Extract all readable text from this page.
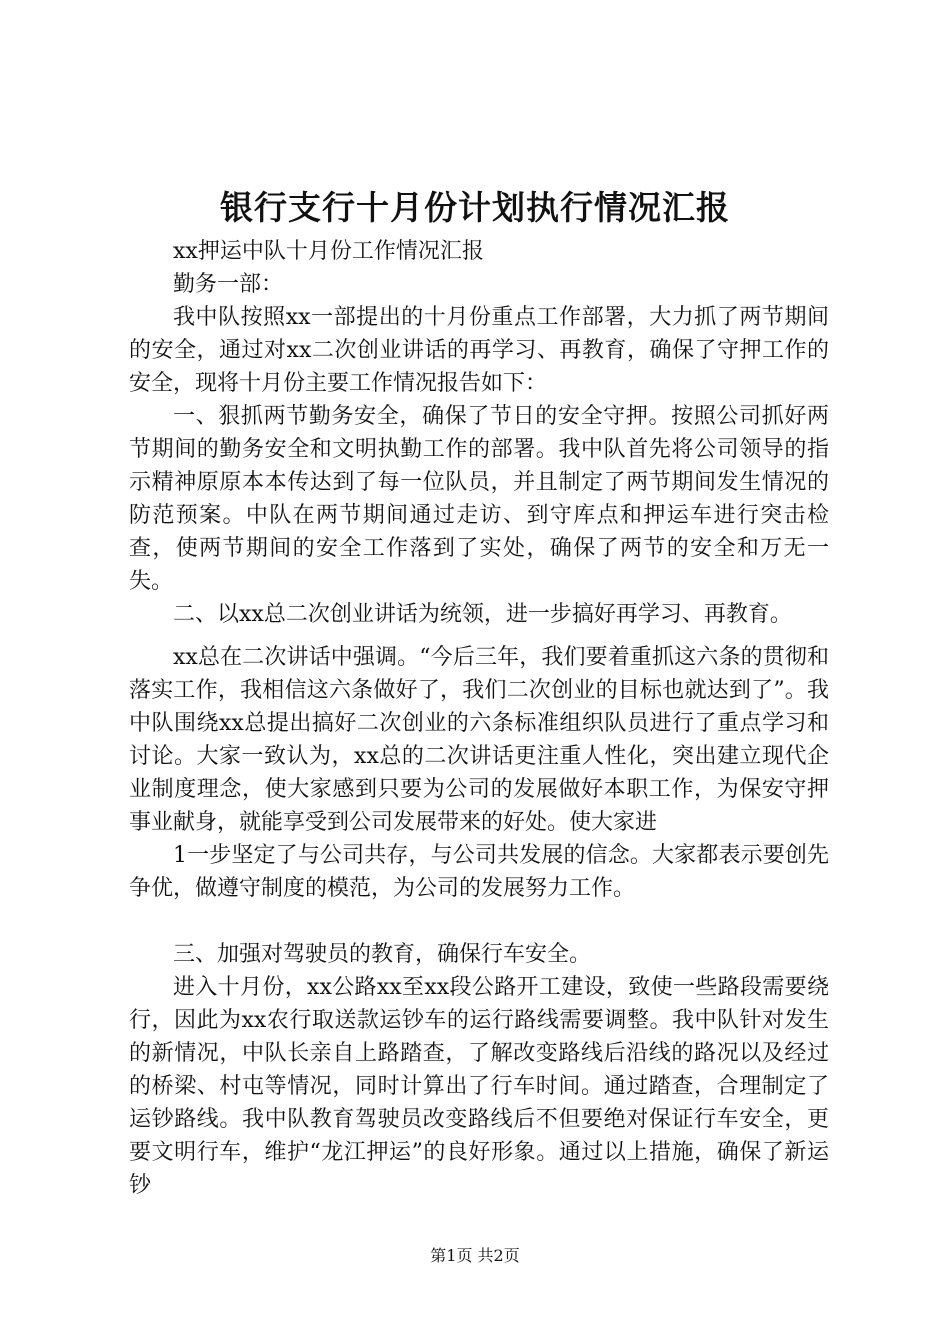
银行支行十月份计划执行情况汇报

xx押运中队十月份工作情况汇报

勤务一部：

我中队按照xx一部提出的十月份重点工作部署，大力抓了两节期间的安全，通过对xx二次创业讲话的再学习、再教育，确保了守押工作的安全，现将十月份主要工作情况报告如下：

一、狠抓两节勤务安全，确保了节日的安全守押。按照公司抓好两节期间的勤务安全和文明执勤工作的部署。我中队首先将公司领导的指示精神原原本本传达到了每一位队员，并且制定了两节期间发生情况的防范预案。中队在两节期间通过走访、到守库点和押运车进行突击检查，使两节期间的安全工作落到了实处，确保了两节的安全和万无一失。

二、以xx总二次创业讲话为统领，进一步搞好再学习、再教育。

xx总在二次讲话中强调。“今后三年，我们要着重抓这六条的贯彻和落实工作，我相信这六条做好了，我们二次创业的目标也就达到了”。我中队围绕xx总提出搞好二次创业的六条标准组织队员进行了重点学习和讨论。大家一致认为，xx总的二次讲话更注重人性化，突出建立现代企业制度理念，使大家感到只要为公司的发展做好本职工作，为保安守押事业献身，就能享受到公司发展带来的好处。使大家进

1一步坚定了与公司共存，与公司共发展的信念。大家都表示要创先争优，做遵守制度的模范，为公司的发展努力工作。

三、加强对驾驶员的教育，确保行车安全。

进入十月份，xx公路xx至xx段公路开工建设，致使一些路段需要绕行，因此为xx农行取送款运钞车的运行路线需要调整。我中队针对发生的新情况，中队长亲自上路踏查，了解改变路线后沿线的路况以及经过的桥梁、村屯等情况，同时计算出了行车时间。通过踏查，合理制定了运钞路线。我中队教育驾驶员改变路线后不但要绝对保证行车安全，更要文明行车，维护“龙江押运”的良好形象。通过以上措施，确保了新运钞

第1页 共2页
